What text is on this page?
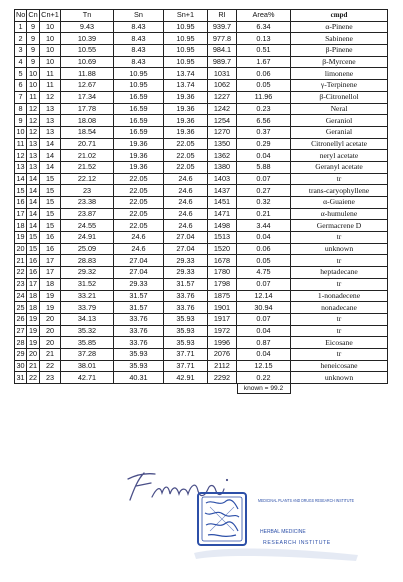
No	Cn	Cn+1	Tn	Sn	Sn+1	RI	Area%	cmpd
1	9	10	9.43	8.43	10.95	939.7	6.34	α-Pinene
2	9	10	10.39	8.43	10.95	977.8	0.13	Sabinene
3	9	10	10.55	8.43	10.95	984.1	0.51	β-Pinene
4	9	10	10.69	8.43	10.95	989.7	1.67	β-Myrcene
5	10	11	11.88	10.95	13.74	1031	0.06	limonene
6	10	11	12.67	10.95	13.74	1062	0.05	γ-Terpinene
7	11	12	17.34	16.59	19.36	1227	11.96	β-Citronellol
8	12	13	17.78	16.59	19.36	1242	0.23	Neral
9	12	13	18.08	16.59	19.36	1254	6.56	Geraniol
10	12	13	18.54	16.59	19.36	1270	0.37	Geranial
11	13	14	20.71	19.36	22.05	1350	0.29	Citronellyl acetate
12	13	14	21.02	19.36	22.05	1362	0.04	neryl acetate
13	13	14	21.52	19.36	22.05	1380	5.88	Geranyl acetate
14	14	15	22.12	22.05	24.6	1403	0.07	tr
15	14	15	23	22.05	24.6	1437	0.27	trans-caryophyllene
16	14	15	23.38	22.05	24.6	1451	0.32	α-Guaiene
17	14	15	23.87	22.05	24.6	1471	0.21	α-humulene
18	14	15	24.55	22.05	24.6	1498	3.44	Germacrene D
19	15	16	24.91	24.6	27.04	1513	0.04	tr
20	15	16	25.09	24.6	27.04	1520	0.06	unknown
21	16	17	28.83	27.04	29.33	1678	0.05	tr
22	16	17	29.32	27.04	29.33	1780	4.75	heptadecane
23	17	18	31.52	29.33	31.57	1798	0.07	tr
24	18	19	33.21	31.57	33.76	1875	12.14	1-nonadecene
25	18	19	33.79	31.57	33.76	1901	30.94	nonadecane
26	19	20	34.13	33.76	35.93	1917	0.07	tr
27	19	20	35.32	33.76	35.93	1972	0.04	tr
28	19	20	35.85	33.76	35.93	1996	0.87	Eicosane
29	20	21	37.28	35.93	37.71	2076	0.04	tr
30	21	22	38.01	35.93	37.71	2112	12.15	heneicosane
31	22	23	42.71	40.31	42.91	2292	0.22	unknown
known = 99.2
MEDICINAL PLANTS AND DRUGS RESEARCH INSTITUTE
HERBAL MEDICINE
RESEARCH INSTITUTE
